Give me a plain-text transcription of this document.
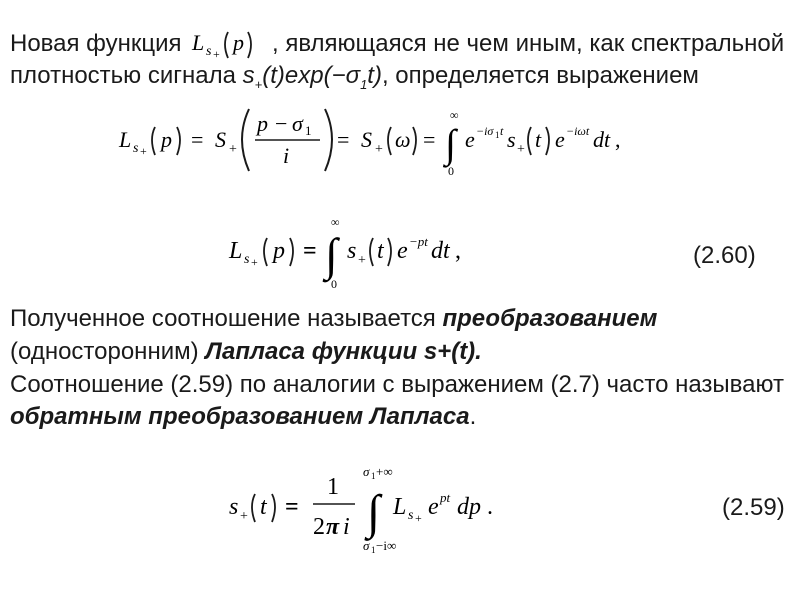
Новая функция L s + p , являющаяся не чем иным, как спектральной
плотностью сигнала $s_+(t)\exp(-\sigma_1t)$, определяется выражением
L s + p = S +
p − σ 1
i
= S + ω = ∫
∞
0
e −iσ 1 t s + t e −iωt dt ,
L s + p = ∫
∞
0
s + t e −pt dt ,	(2.60)
Полученное соотношение называется преобразованием
(односторонним) Лапласа функции s+(t).
Соотношение (2.59) по аналогии с выражением (2.7) часто называют
обратным преобразованием Лапласа.
s + t =
1
2 π i ∫
σ 1 +∞
σ 1 −i∞
L s + e pt dp .	(2.59)
